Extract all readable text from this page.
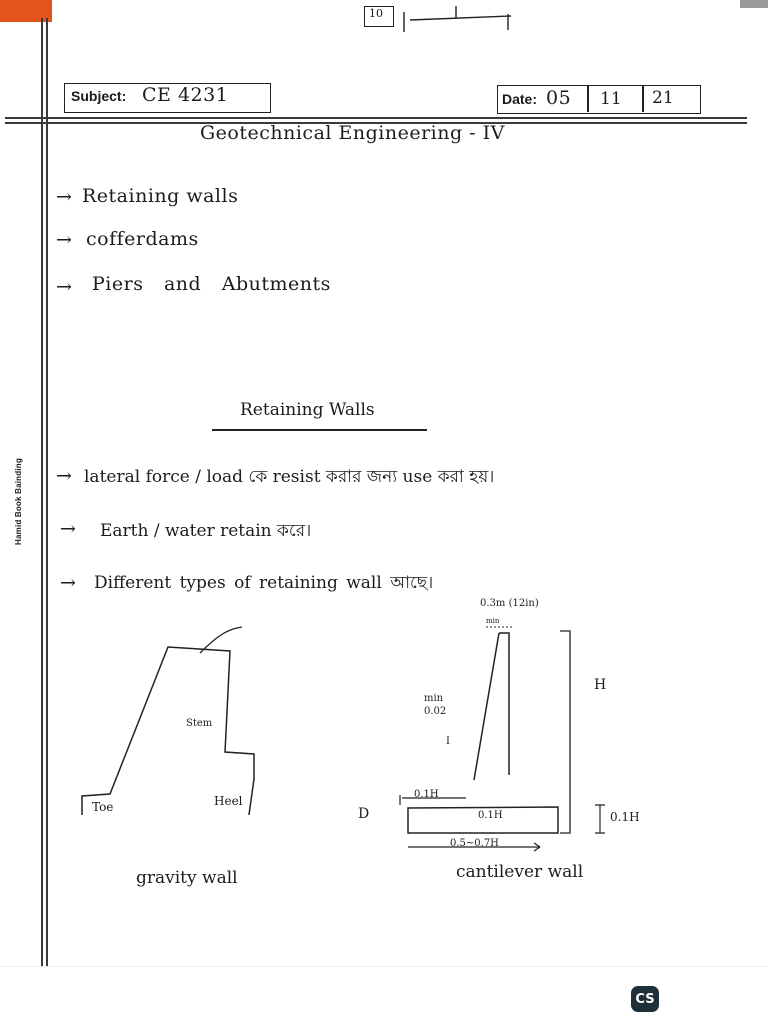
10
Subject: CE 4231	Date: 05 11 21
Geotechnical Engineering - IV
→ Retaining walls
→ cofferdams
→ Piers and Abutments
Retaining Walls
→ lateral force / load কে resist করার জন্য use করা হয়।
→ Earth / water retain করে।
→ Different types of retaining wall আছে।
Stem
Toe	Heel
gravity wall
0.3m (12in)
min
min
0.02
I
H
0.1H
0.1H
D	0.1H
0.5~0.7H
cantilever wall
Hamid Book Bainding
CS
